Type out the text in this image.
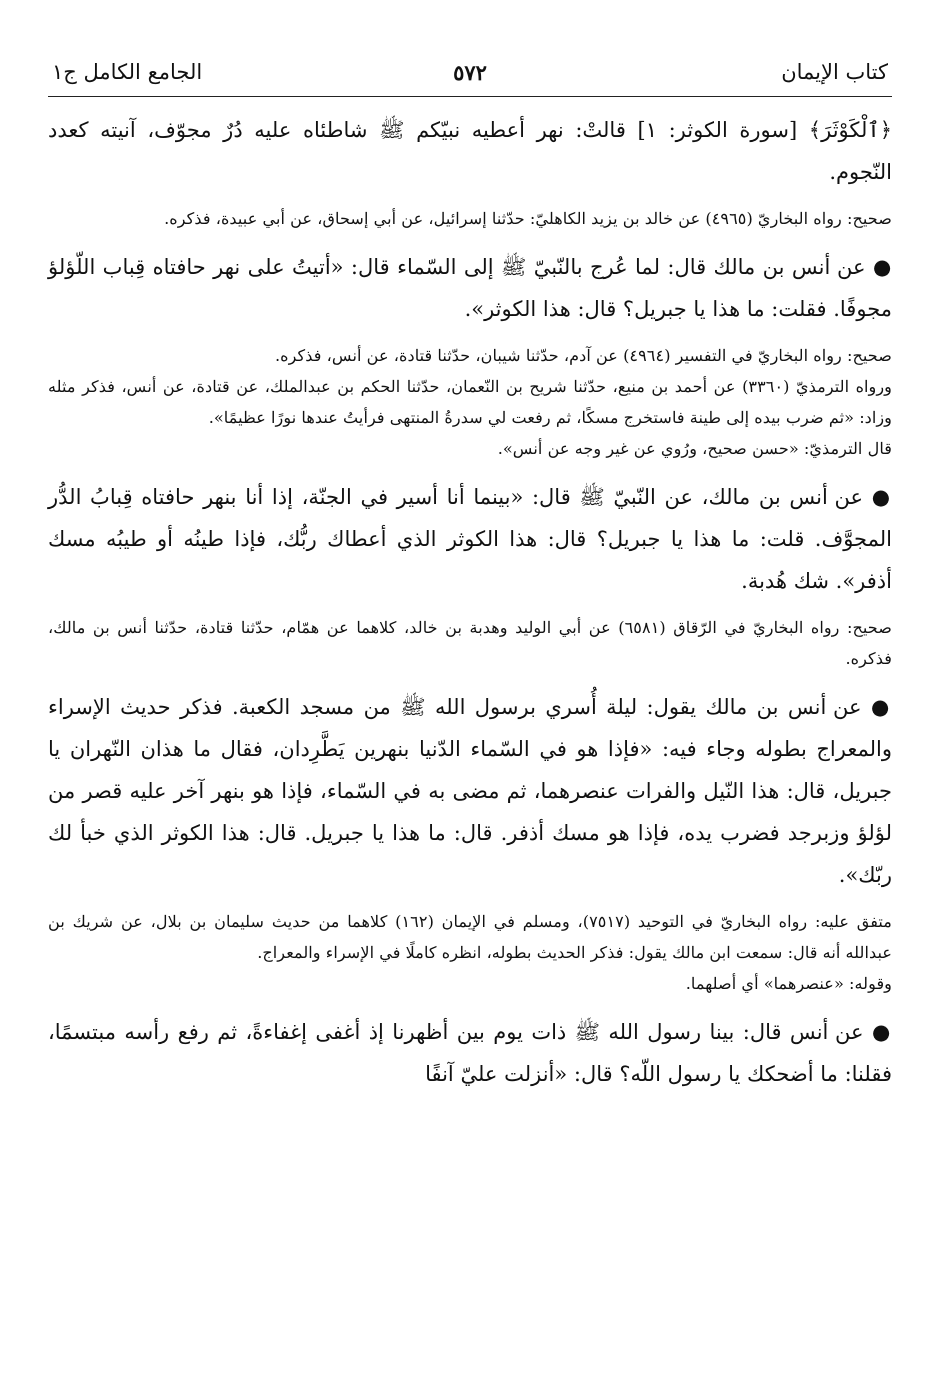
كتاب الإيمان
٥٧٢
الجامع الكامل ج١

﴿ٱلْكَوْثَرَ﴾ [سورة الكوثر: ١] قالتْ: نهر أعطيه نبيّكم ﷺ شاطئاه عليه دُرٌ مجوّف، آنيته كعدد النّجوم.

صحيح: رواه البخاريّ (٤٩٦٥) عن خالد بن يزيد الكاهليّ: حدّثنا إسرائيل، عن أبي إسحاق، عن أبي عبيدة، فذكره.

● عن أنس بن مالك قال: لما عُرج بالنّبيّ ﷺ إلى السّماء قال: «أتيتُ على نهر حافتاه قِباب اللّؤلؤ مجوفًا. فقلت: ما هذا يا جبريل؟ قال: هذا الكوثر».

صحيح: رواه البخاريّ في التفسير (٤٩٦٤) عن آدم، حدّثنا شيبان، حدّثنا قتادة، عن أنس، فذكره.

ورواه الترمذيّ (٣٣٦٠) عن أحمد بن منيع، حدّثنا شريح بن النّعمان، حدّثنا الحكم بن عبدالملك، عن قتادة، عن أنس، فذكر مثله وزاد: «ثم ضرب بيده إلى طينة فاستخرج مسكًا، ثم رفعت لي سدرةُ المنتهى فرأيتُ عندها نورًا عظيمًا».

قال الترمذيّ: «حسن صحيح، ورُوي عن غير وجه عن أنس».

● عن أنس بن مالك، عن النّبيّ ﷺ قال: «بينما أنا أسير في الجنّة، إذا أنا بنهر حافتاه قِبابُ الدُّر المجوَّف. قلت: ما هذا يا جبريل؟ قال: هذا الكوثر الذي أعطاك ربُّك، فإذا طينُه أو طيبُه مسك أذفر». شك هُدبة.

صحيح: رواه البخاريّ في الرّقاق (٦٥٨١) عن أبي الوليد وهدبة بن خالد، كلاهما عن همّام، حدّثنا قتادة، حدّثنا أنس بن مالك، فذكره.

● عن أنس بن مالك يقول: ليلة أُسري برسول الله ﷺ من مسجد الكعبة. فذكر حديث الإسراء والمعراج بطوله وجاء فيه: «فإذا هو في السّماء الدّنيا بنهرين يَطَّرِدان، فقال ما هذان النّهران يا جبريل، قال: هذا النّيل والفرات عنصرهما، ثم مضى به في السّماء، فإذا هو بنهر آخر عليه قصر من لؤلؤ وزبرجد فضرب يده، فإذا هو مسك أذفر. قال: ما هذا يا جبريل. قال: هذا الكوثر الذي خبأ لك ربّك».

متفق عليه: رواه البخاريّ في التوحيد (٧٥١٧)، ومسلم في الإيمان (١٦٢) كلاهما من حديث سليمان بن بلال، عن شريك بن عبدالله أنه قال: سمعت ابن مالك يقول: فذكر الحديث بطوله، انظره كاملًا في الإسراء والمعراج.

وقوله: «عنصرهما» أي أصلهما.

● عن أنس قال: بينا رسول الله ﷺ ذات يوم بين أظهرنا إذ أغفى إغفاءةً، ثم رفع رأسه مبتسمًا، فقلنا: ما أضحكك يا رسول اللّه؟ قال: «أنزلت عليّ آنفًا
